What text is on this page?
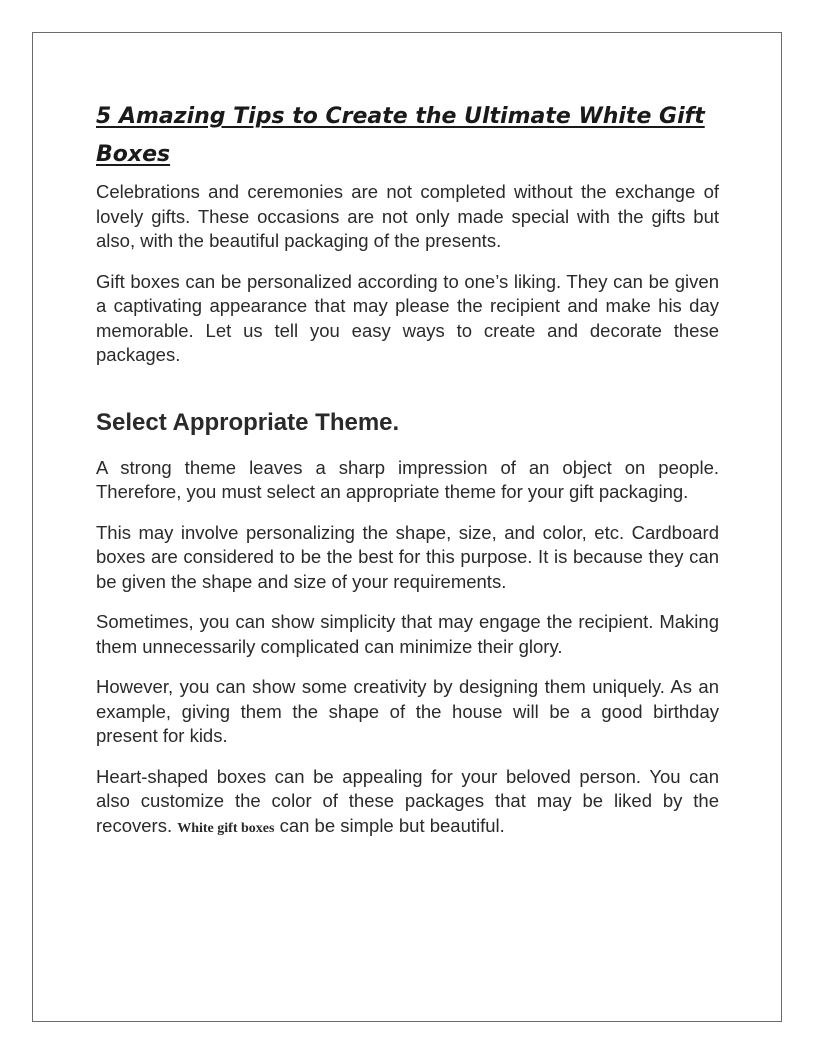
5 Amazing Tips to Create the Ultimate White Gift Boxes

Celebrations and ceremonies are not completed without the exchange of lovely gifts. These occasions are not only made special with the gifts but also, with the beautiful packaging of the presents.

Gift boxes can be personalized according to one’s liking. They can be given a captivating appearance that may please the recipient and make his day memorable. Let us tell you easy ways to create and decorate these packages.

Select Appropriate Theme.

A strong theme leaves a sharp impression of an object on people. Therefore, you must select an appropriate theme for your gift packaging.

This may involve personalizing the shape, size, and color, etc. Cardboard boxes are considered to be the best for this purpose. It is because they can be given the shape and size of your requirements.

Sometimes, you can show simplicity that may engage the recipient. Making them unnecessarily complicated can minimize their glory.

However, you can show some creativity by designing them uniquely. As an example, giving them the shape of the house will be a good birthday present for kids.

Heart-shaped boxes can be appealing for your beloved person. You can also customize the color of these packages that may be liked by the recovers. White gift boxes can be simple but beautiful.
